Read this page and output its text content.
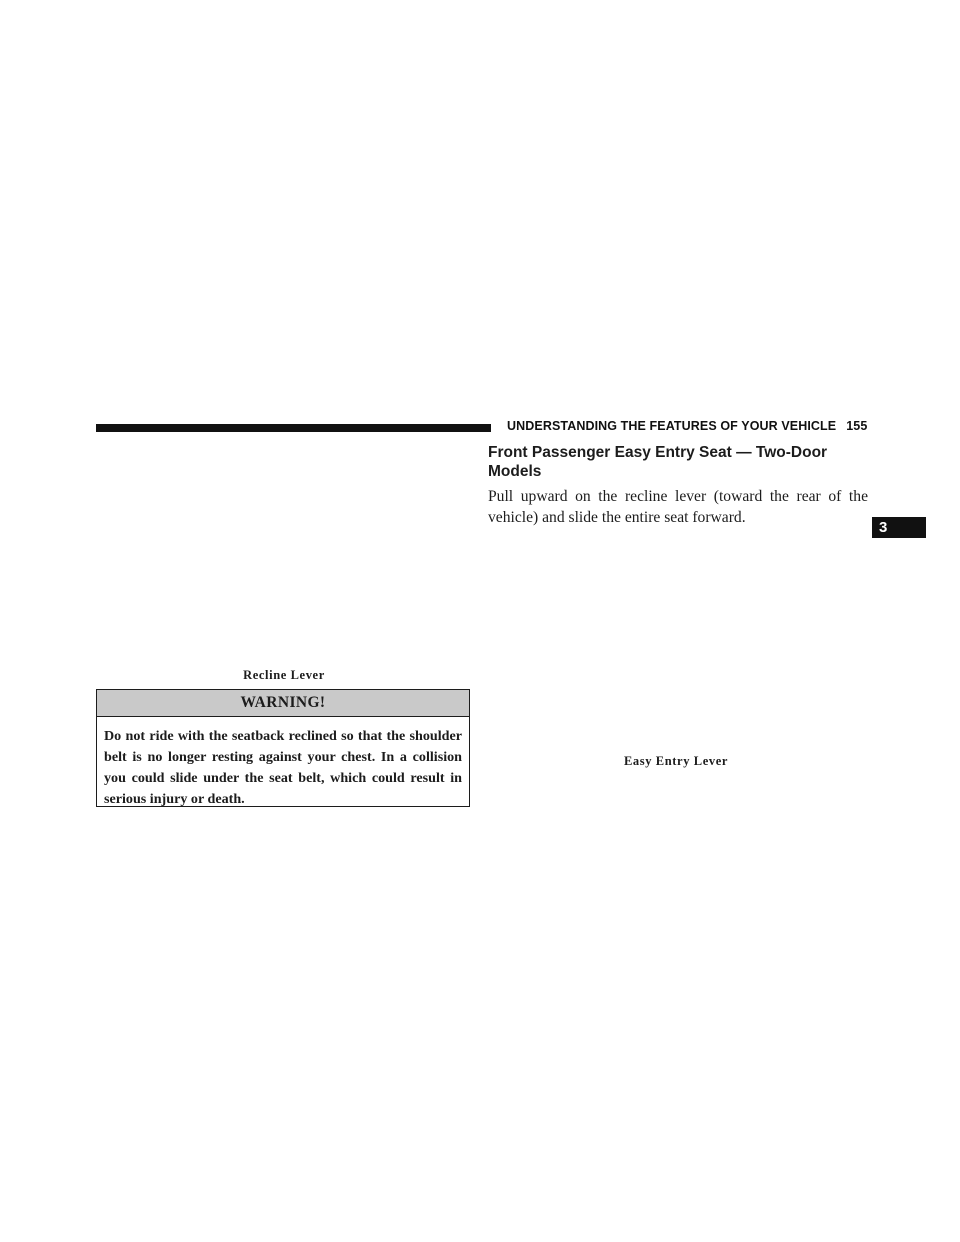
UNDERSTANDING THE FEATURES OF YOUR VEHICLE 155
Recline Lever
WARNING!
Do not ride with the seatback reclined so that the shoulder belt is no longer resting against your chest. In a collision you could slide under the seat belt, which could result in serious injury or death.
Front Passenger Easy Entry Seat — Two-Door Models
Pull upward on the recline lever (toward the rear of the vehicle) and slide the entire seat forward.
Easy Entry Lever
3
